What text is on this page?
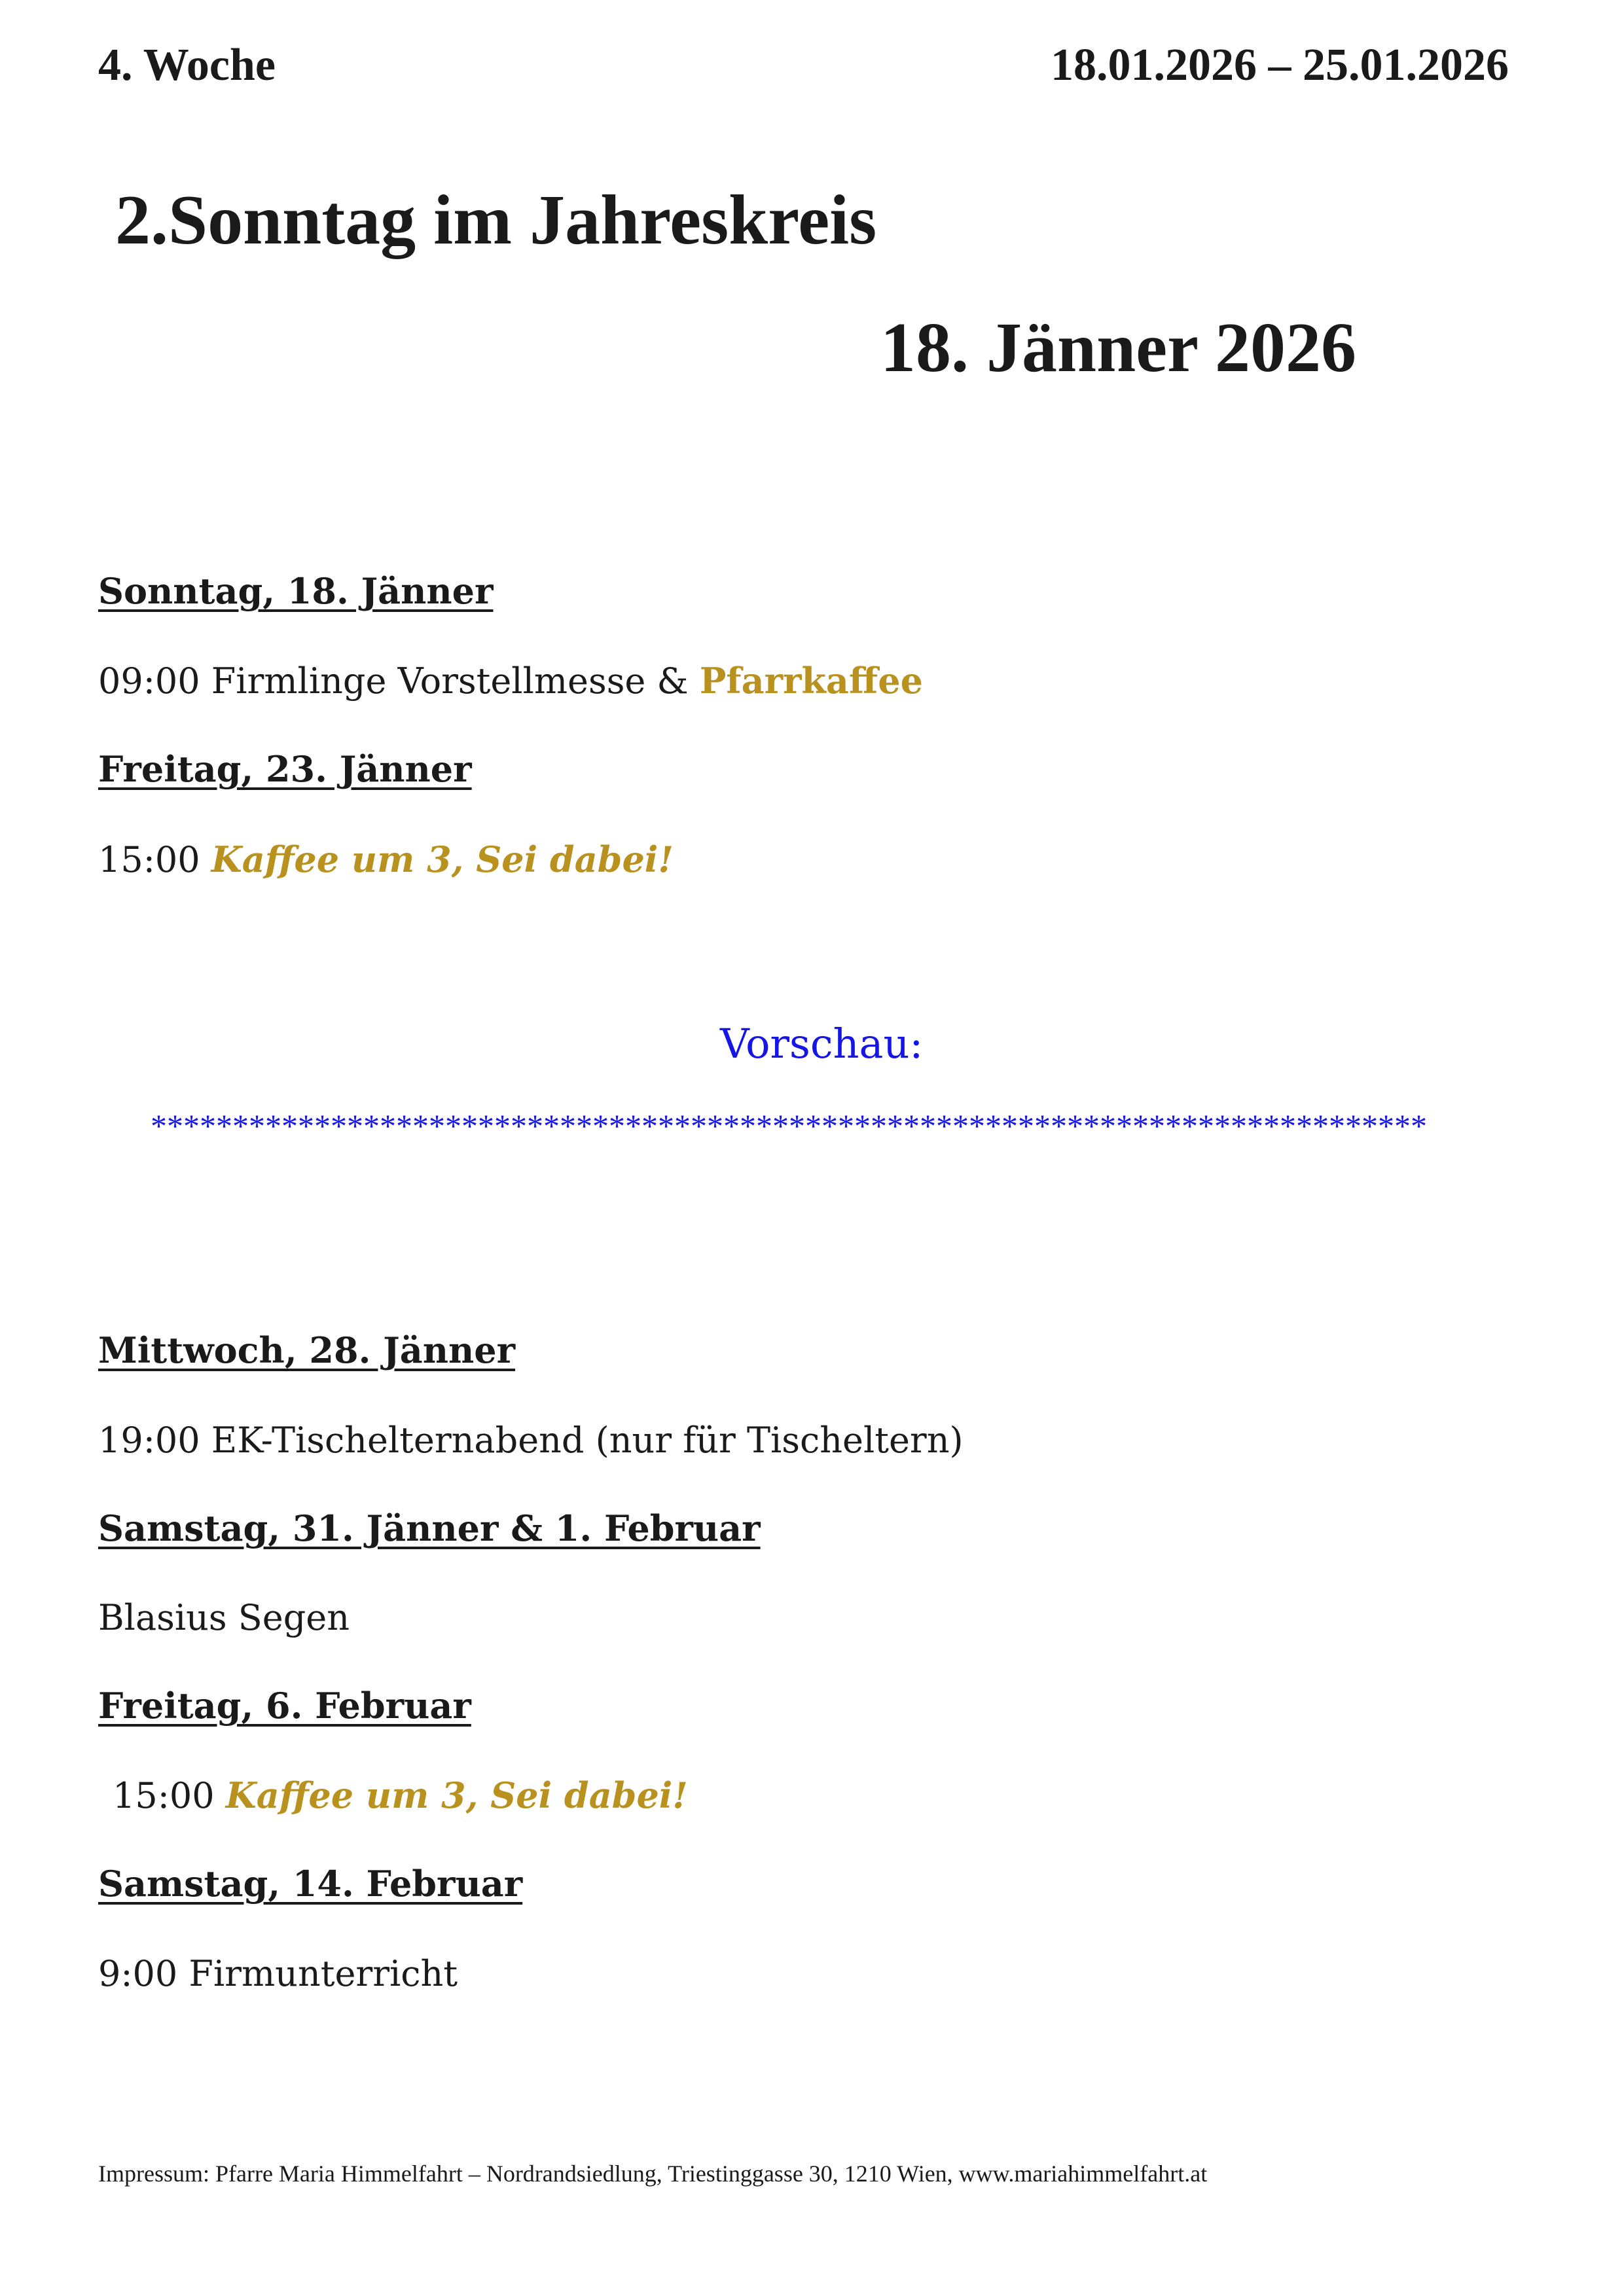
4. Woche	18.01.2026 – 25.01.2026
2.Sonntag im Jahreskreis
18. Jänner 2026
Sonntag, 18. Jänner
09:00 Firmlinge Vorstellmesse & Pfarrkaffee
Freitag, 23. Jänner
15:00 Kaffee um 3, Sei dabei!
Vorschau:
******************************************************************************
Mittwoch, 28. Jänner
19:00 EK-Tischelternabend (nur für Tischeltern)
Samstag, 31. Jänner & 1. Februar
Blasius Segen
Freitag, 6. Februar
15:00 Kaffee um 3, Sei dabei!
Samstag, 14. Februar
9:00 Firmunterricht
Impressum: Pfarre Maria Himmelfahrt – Nordrandsiedlung, Triestinggasse 30, 1210 Wien, www.mariahimmelfahrt.at
